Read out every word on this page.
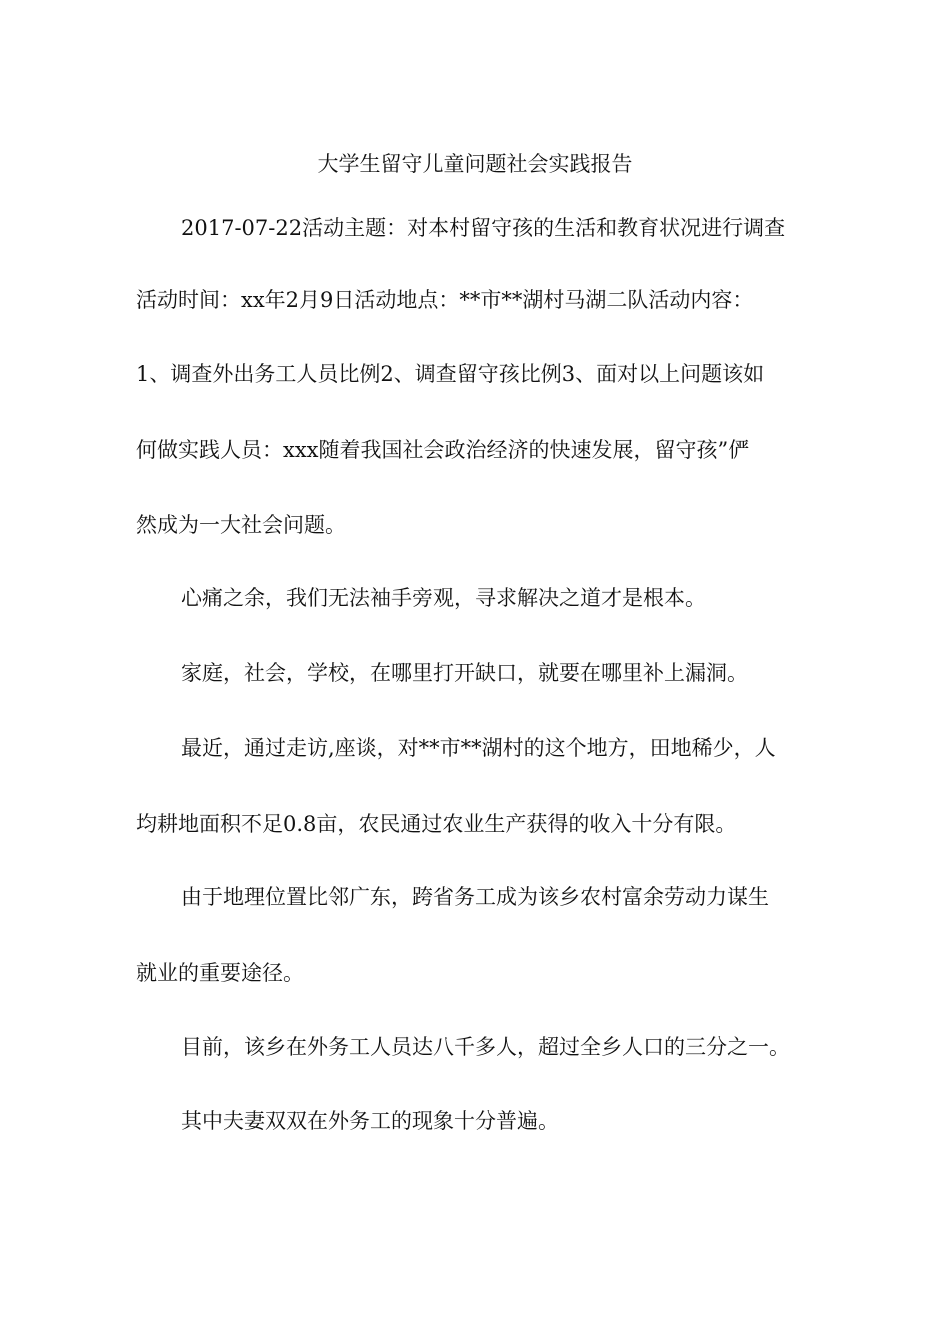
大学生留守儿童问题社会实践报告
2017-07-22活动主题：对本村留守孩的生活和教育状况进行调查
活动时间：xx年2月9日活动地点：**市**湖村马湖二队活动内容：
1、调查外出务工人员比例2、调查留守孩比例3、面对以上问题该如
何做实践人员：xxx随着我国社会政治经济的快速发展，留守孩”俨
然成为一大社会问题。
心痛之余，我们无法袖手旁观，寻求解决之道才是根本。
家庭，社会，学校，在哪里打开缺口，就要在哪里补上漏洞。
最近，通过走访,座谈，对**市**湖村的这个地方，田地稀少，人
均耕地面积不足0.8亩，农民通过农业生产获得的收入十分有限。
由于地理位置比邻广东，跨省务工成为该乡农村富余劳动力谋生
就业的重要途径。
目前，该乡在外务工人员达八千多人，超过全乡人口的三分之一。
其中夫妻双双在外务工的现象十分普遍。
